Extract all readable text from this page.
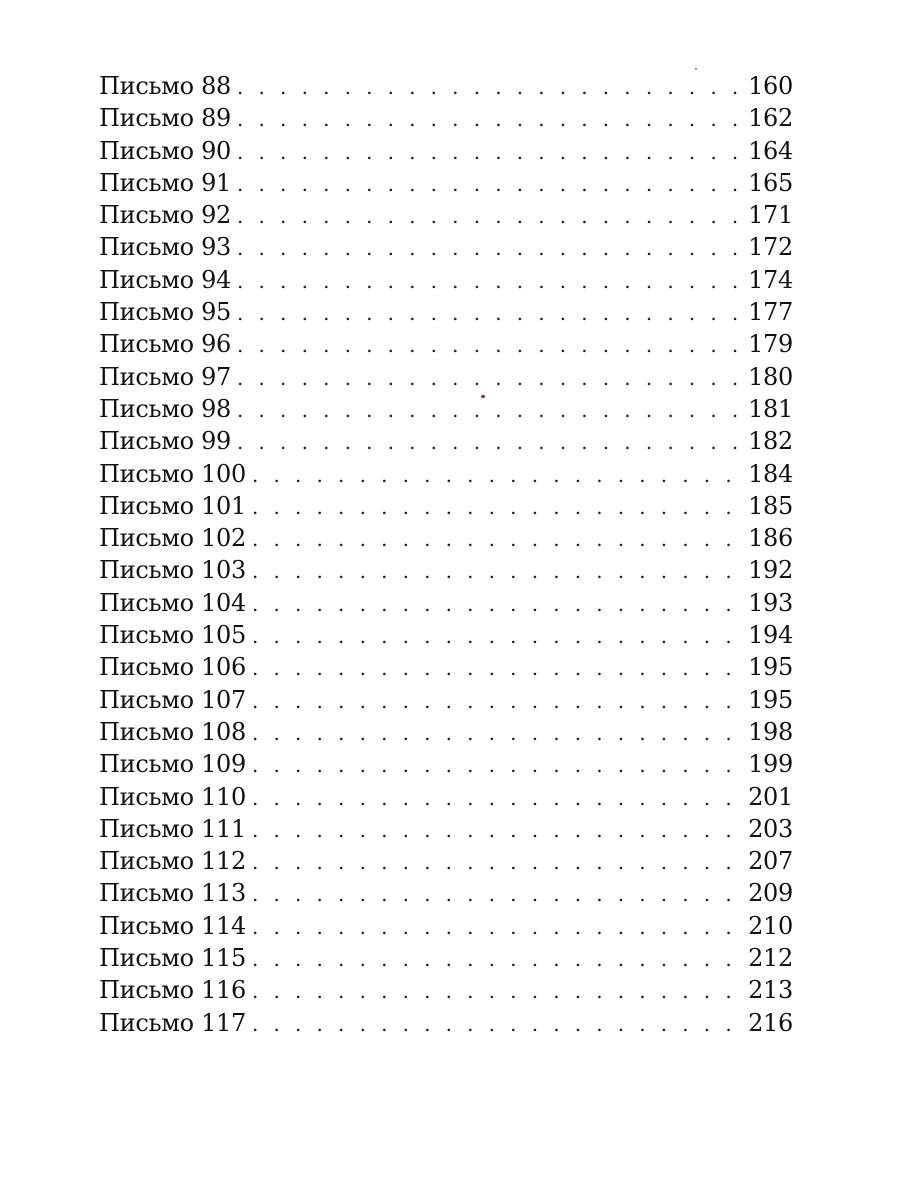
Письмо 88 . . .	160
Письмо 89 . . .	162
Письмо 90 . . .	164
Письмо 91 . . .	165
Письмо 92 . . .	171
Письмо 93 . . .	172
Письмо 94 . . .	174
Письмо 95 . . .	177
Письмо 96 . . .	179
Письмо 97 . . .	180
Письмо 98 . . .	181
Письмо 99 . . .	182
Письмо 100 . . .	184
Письмо 101 . . .	185
Письмо 102 . . .	186
Письмо 103 . . .	192
Письмо 104 . . .	193
Письмо 105 . . .	194
Письмо 106 . . .	195
Письмо 107 . . .	195
Письмо 108 . . .	198
Письмо 109 . . .	199
Письмо 110 . . .	201
Письмо 111 . . .	203
Письмо 112 . . .	207
Письмо 113 . . .	209
Письмо 114 . . .	210
Письмо 115 . . .	212
Письмо 116 . . .	213
Письмо 117 . . .	216
